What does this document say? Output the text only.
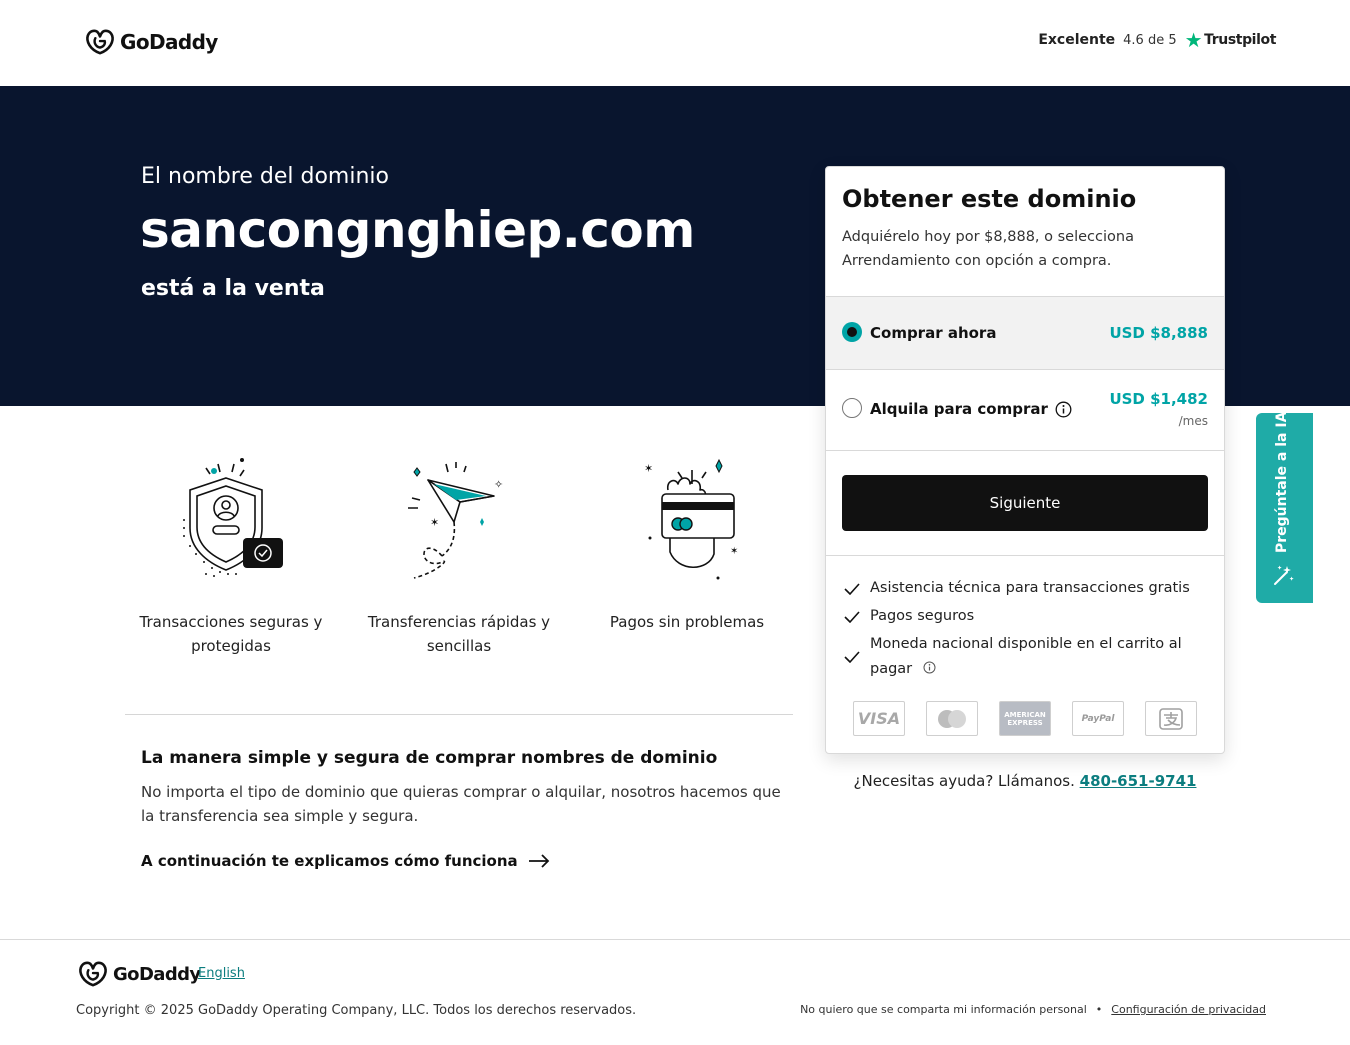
GoDaddy	Excelente 4.6 de 5 ★ Trustpilot
El nombre del dominio
sancongnghiep.com
está a la venta
Transacciones seguras y protegidas
✶
✧
Transferencias rápidas y sencillas
✶
✶
Pagos sin problemas
La manera simple y segura de comprar nombres de dominio

No importa el tipo de dominio que quieras comprar o alquilar, nosotros hacemos que la transferencia sea simple y segura.

A continuación te explicamos cómo funciona
Obtener este dominio
Adquiérelo hoy por $8,888, o selecciona Arrendamiento con opción a compra.
Comprar ahora	USD $8,888
Alquila para comprar
USD $1,482
/mes
Siguiente
Asistencia técnica para transacciones gratis
Pagos seguros
Moneda nacional disponible en el carrito al pagar
VISA	AMERICAN EXPRESS	PayPal
¿Necesitas ayuda? Llámanos. 480-651-9741
Pregúntale a la IA
GoDaddy
English
Copyright © 2025 GoDaddy Operating Company, LLC. Todos los derechos reservados.	No quiero que se comparta mi información personal • Configuración de privacidad
